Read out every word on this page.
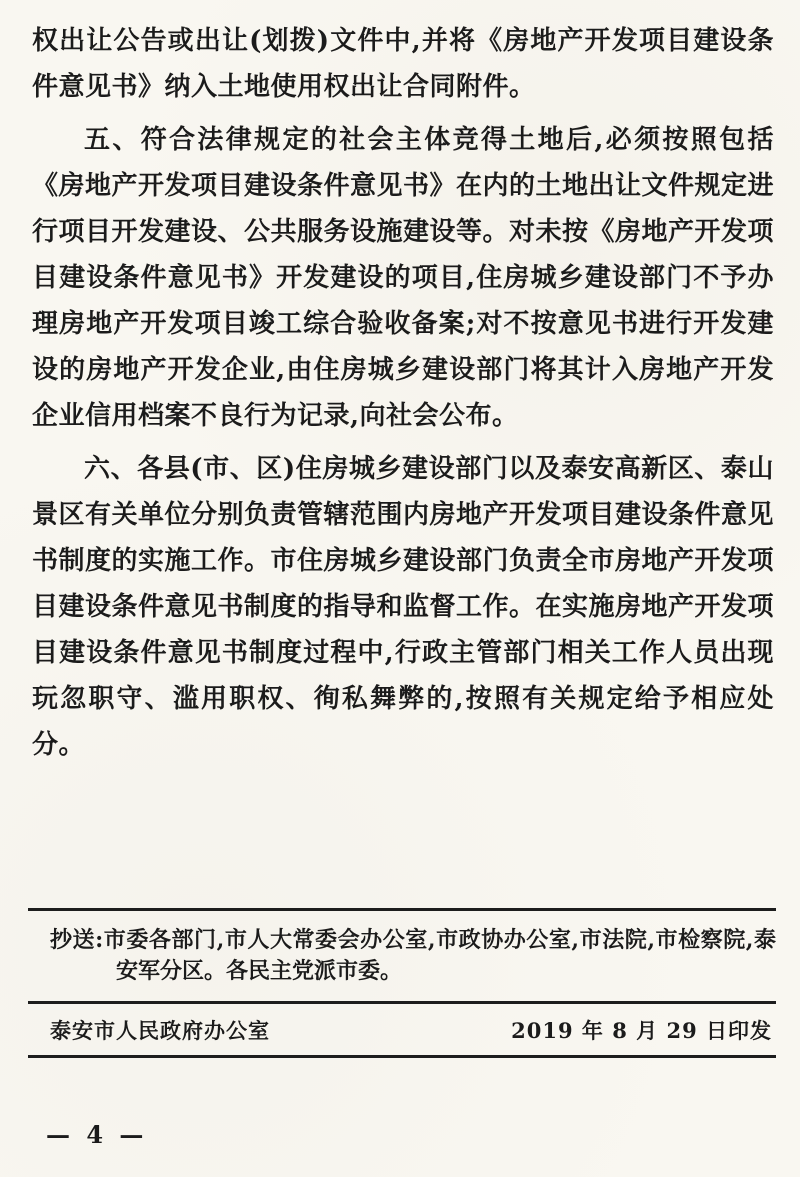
权出让公告或出让(划拨)文件中,并将《房地产开发项目建设条件意见书》纳入土地使用权出让合同附件。

五、符合法律规定的社会主体竞得土地后,必须按照包括《房地产开发项目建设条件意见书》在内的土地出让文件规定进行项目开发建设、公共服务设施建设等。对未按《房地产开发项目建设条件意见书》开发建设的项目,住房城乡建设部门不予办理房地产开发项目竣工综合验收备案;对不按意见书进行开发建设的房地产开发企业,由住房城乡建设部门将其计入房地产开发企业信用档案不良行为记录,向社会公布。

六、各县(市、区)住房城乡建设部门以及泰安高新区、泰山景区有关单位分别负责管辖范围内房地产开发项目建设条件意见书制度的实施工作。市住房城乡建设部门负责全市房地产开发项目建设条件意见书制度的指导和监督工作。在实施房地产开发项目建设条件意见书制度过程中,行政主管部门相关工作人员出现玩忽职守、滥用职权、徇私舞弊的,按照有关规定给予相应处分。

抄送:市委各部门,市人大常委会办公室,市政协办公室,市法院,市检察院,泰安军分区。各民主党派市委。

泰安市人民政府办公室	2019 年 8 月 29 日印发
— 4 —
